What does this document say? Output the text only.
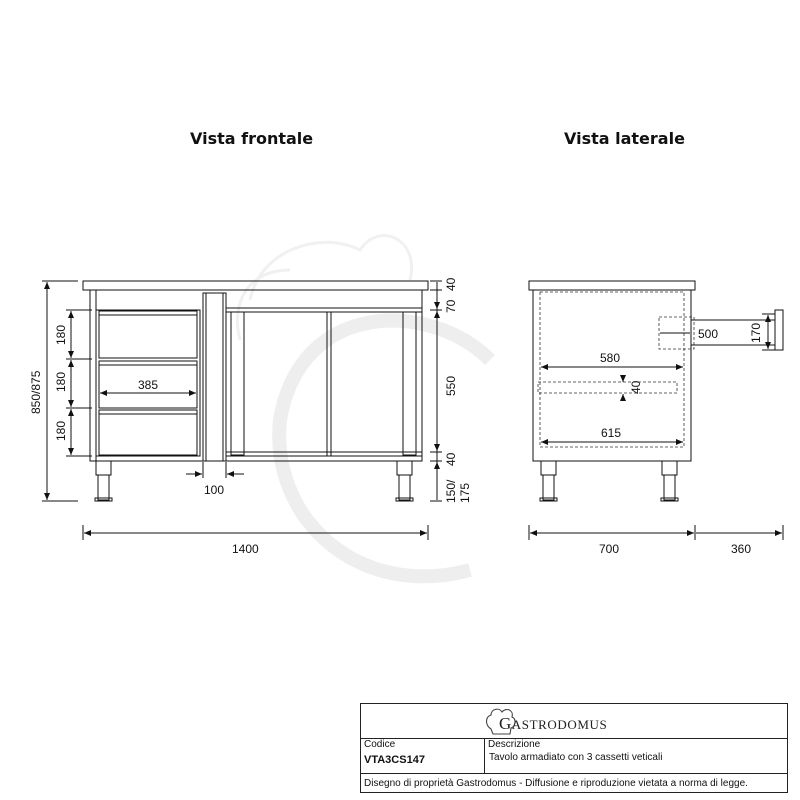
Vista frontale	Vista laterale
1400
850/875
180
180
180
385
100
40
70
550
40
150/ 175
500	170
580
40
615
700	360
GASTRODOMUS
Codice
VTA3CS147
Descrizione
Tavolo armadiato con 3 cassetti veticali
Disegno di proprietà Gastrodomus - Diffusione e riproduzione vietata a norma di legge.
